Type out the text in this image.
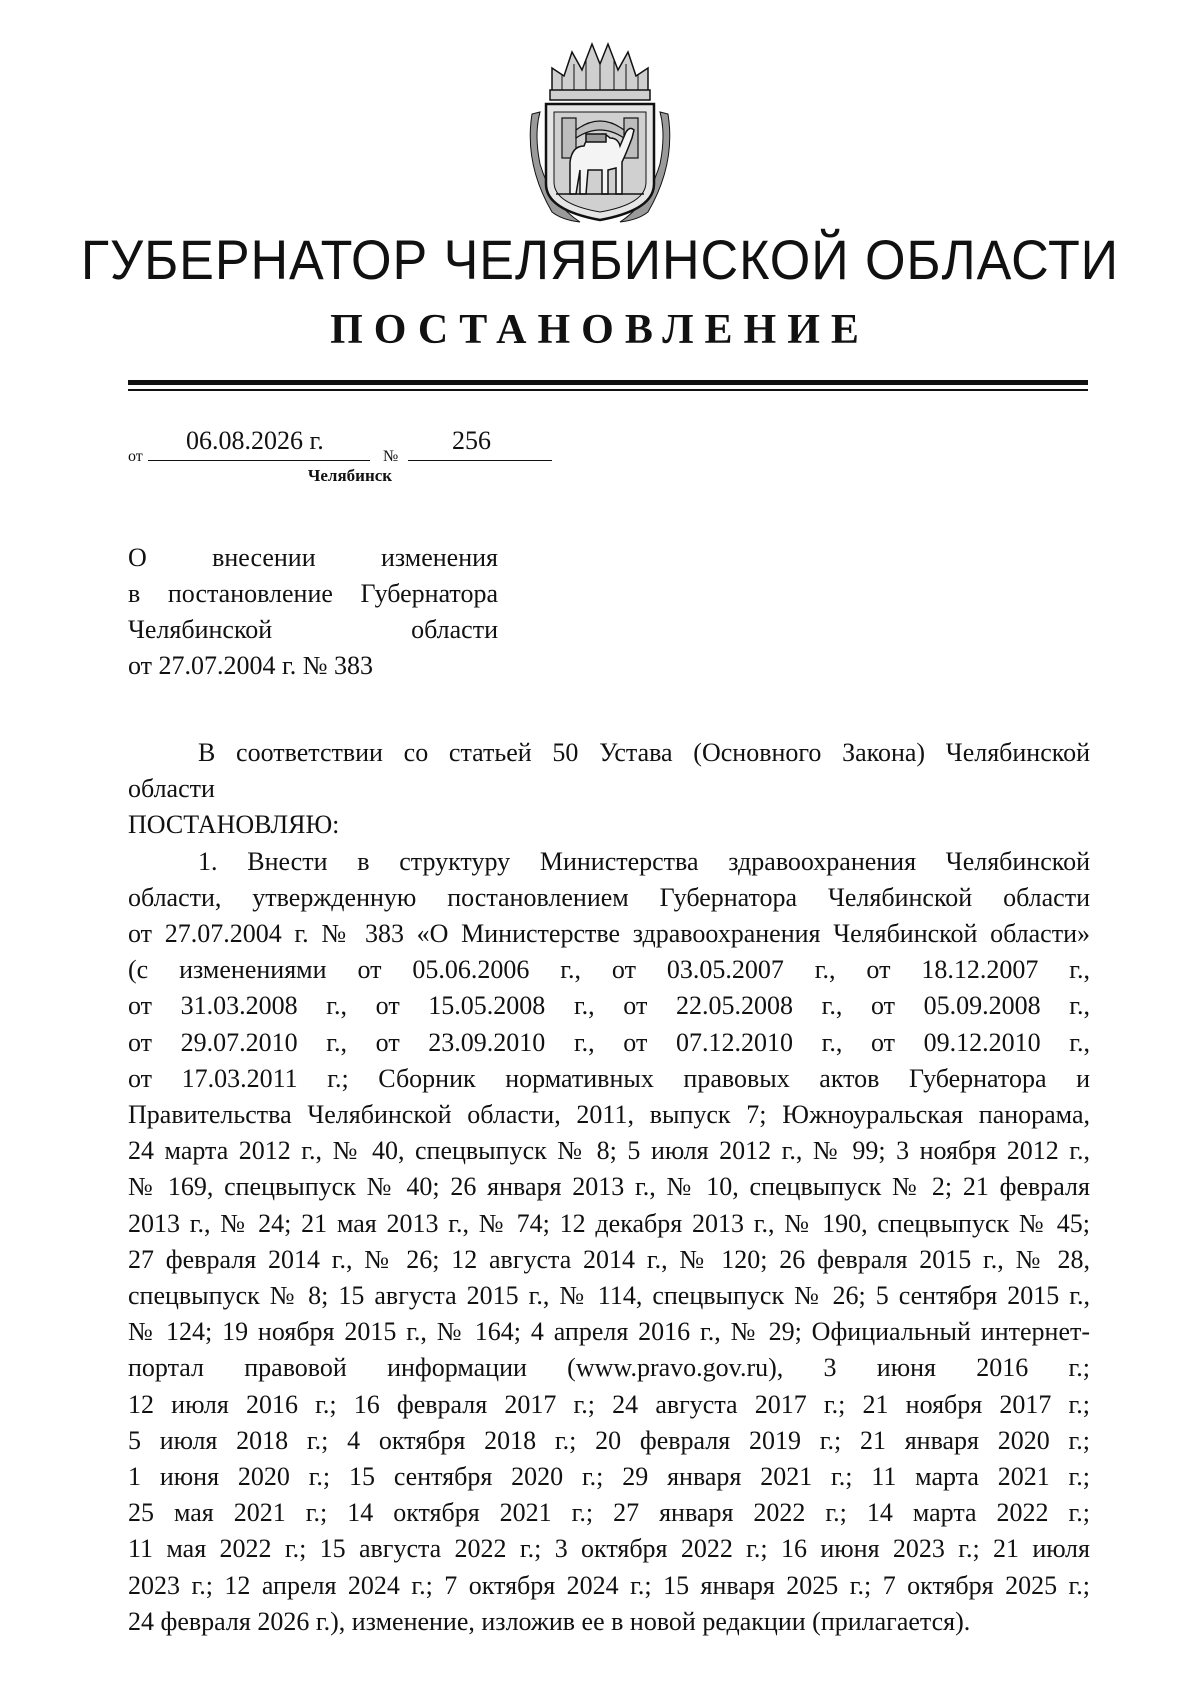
ГУБЕРНАТОР ЧЕЛЯБИНСКОЙ ОБЛАСТИ
ПОСТАНОВЛЕНИЕ
от
06.08.2026 г.
№
256
Челябинск
О	внесении	изменения
в постановление Губернатора
Челябинской	области
от 27.07.2004 г. № 383
В соответствии со статьей 50 Устава (Основного Закона) Челябинской
области
ПОСТАНОВЛЯЮ:
1. Внести в структуру Министерства здравоохранения Челябинской
области, утвержденную постановлением Губернатора Челябинской области
от 27.07.2004 г. № 383 «О Министерстве здравоохранения Челябинской области»
(с изменениями от 05.06.2006 г., от 03.05.2007 г., от 18.12.2007 г.,
от 31.03.2008 г., от 15.05.2008 г., от 22.05.2008 г., от 05.09.2008 г.,
от 29.07.2010 г., от 23.09.2010 г., от 07.12.2010 г., от 09.12.2010 г.,
от 17.03.2011 г.; Сборник нормативных правовых актов Губернатора и
Правительства Челябинской области, 2011, выпуск 7; Южноуральская панорама,
24 марта 2012 г., № 40, спецвыпуск № 8; 5 июля 2012 г., № 99; 3 ноября 2012 г.,
№ 169, спецвыпуск № 40; 26 января 2013 г., № 10, спецвыпуск № 2; 21 февраля
2013 г., № 24; 21 мая 2013 г., № 74; 12 декабря 2013 г., № 190, спецвыпуск № 45;
27 февраля 2014 г., № 26; 12 августа 2014 г., № 120; 26 февраля 2015 г., № 28,
спецвыпуск № 8; 15 августа 2015 г., № 114, спецвыпуск № 26; 5 сентября 2015 г.,
№ 124; 19 ноября 2015 г., № 164; 4 апреля 2016 г., № 29; Официальный интернет-
портал правовой информации (www.pravo.gov.ru), 3 июня 2016 г.;
12 июля 2016 г.; 16 февраля 2017 г.; 24 августа 2017 г.; 21 ноября 2017 г.;
5 июля 2018 г.; 4 октября 2018 г.; 20 февраля 2019 г.; 21 января 2020 г.;
1 июня 2020 г.; 15 сентября 2020 г.; 29 января 2021 г.; 11 марта 2021 г.;
25 мая 2021 г.; 14 октября 2021 г.; 27 января 2022 г.; 14 марта 2022 г.;
11 мая 2022 г.; 15 августа 2022 г.; 3 октября 2022 г.; 16 июня 2023 г.; 21 июля
2023 г.; 12 апреля 2024 г.; 7 октября 2024 г.; 15 января 2025 г.; 7 октября 2025 г.;
24 февраля 2026 г.), изменение, изложив ее в новой редакции (прилагается).
